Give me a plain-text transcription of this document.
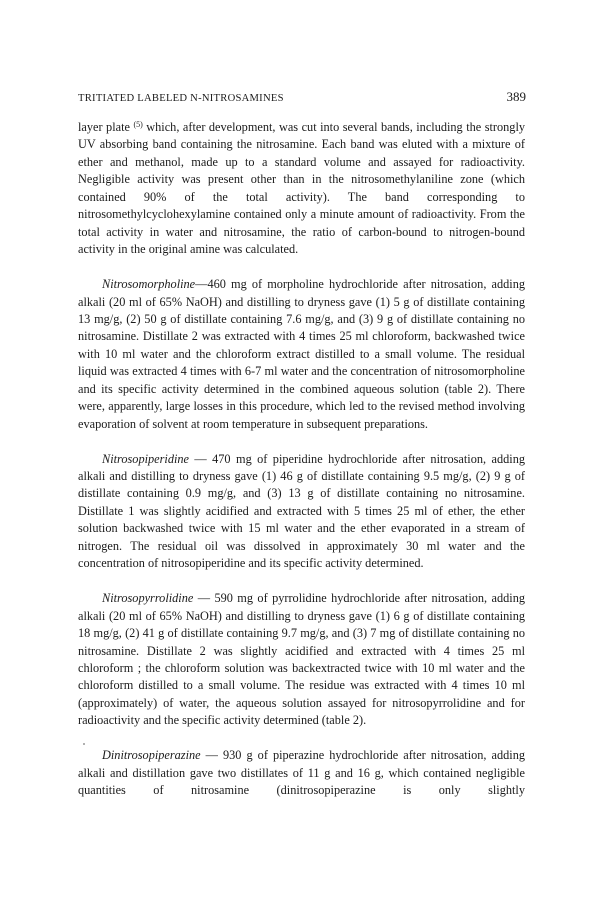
TRITIATED LABELED N-NITROSAMINES	389

layer plate $^{(5)}$ which, after development, was cut into several bands, including the strongly UV absorbing band containing the nitrosamine. Each band was eluted with a mixture of ether and methanol, made up to a standard volume and assayed for radioactivity. Negligible activity was present other than in the nitrosomethylaniline zone (which contained 90% of the total activity). The band corresponding to nitrosomethylcyclohexylamine contained only a minute amount of radioactivity. From the total activity in water and nitrosamine, the ratio of carbon-bound to nitrogen-bound activity in the original amine was calculated.

Nitrosomorpholine—460 mg of morpholine hydrochloride after nitrosation, adding alkali (20 ml of 65% NaOH) and distilling to dryness gave (1) 5 g of distillate containing 13 mg/g, (2) 50 g of distillate containing 7.6 mg/g, and (3) 9 g of distillate containing no nitrosamine. Distillate 2 was extracted with 4 times 25 ml chloroform, backwashed twice with 10 ml water and the chloroform extract distilled to a small volume. The residual liquid was extracted 4 times with 6-7 ml water and the concentration of nitrosomorpholine and its specific activity determined in the combined aqueous solution (table 2). There were, apparently, large losses in this procedure, which led to the revised method involving evaporation of solvent at room temperature in subsequent preparations.

Nitrosopiperidine — 470 mg of piperidine hydrochloride after nitrosation, adding alkali and distilling to dryness gave (1) 46 g of distillate containing 9.5 mg/g, (2) 9 g of distillate containing 0.9 mg/g, and (3) 13 g of distillate containing no nitrosamine. Distillate 1 was slightly acidified and extracted with 5 times 25 ml of ether, the ether solution backwashed twice with 15 ml water and the ether evaporated in a stream of nitrogen. The residual oil was dissolved in approximately 30 ml water and the concentration of nitrosopiperidine and its specific activity determined.

Nitrosopyrrolidine — 590 mg of pyrrolidine hydrochloride after nitrosation, adding alkali (20 ml of 65% NaOH) and distilling to dryness gave (1) 6 g of distillate containing 18 mg/g, (2) 41 g of distillate containing 9.7 mg/g, and (3) 7 mg of distillate containing no nitrosamine. Distillate 2 was slightly acidified and extracted with 4 times 25 ml chloroform ; the chloroform solution was backextracted twice with 10 ml water and the chloroform distilled to a small volume. The residue was extracted with 4 times 10 ml (approximately) of water, the aqueous solution assayed for nitrosopyrrolidine and for radioactivity and the specific activity determined (table 2).

Dinitrosopiperazine — 930 g of piperazine hydrochloride after nitrosation, adding alkali and distillation gave two distillates of 11 g and 16 g, which contained negligible quantities of nitrosamine (dinitrosopiperazine is only slightly
